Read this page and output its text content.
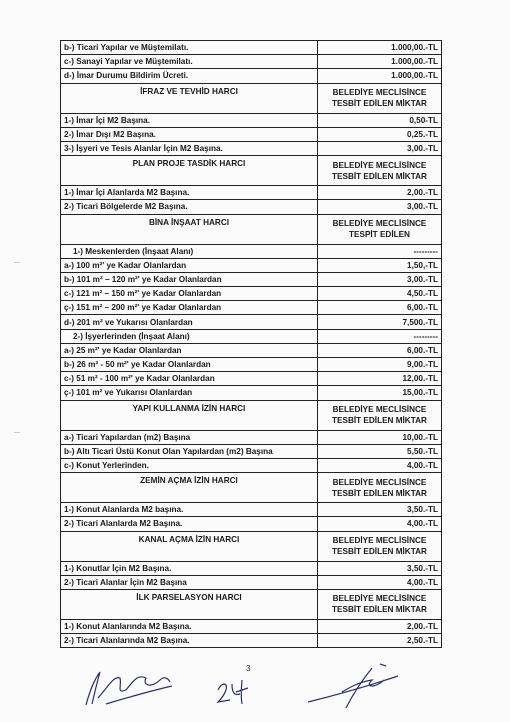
b-) Ticari Yapılar ve Müştemilatı.	1.000,00.-TL
c-) Sanayi Yapılar ve Müştemilatı.	1.000,00.-TL
d-) İmar Durumu Bildirim Ücreti.	1.000,00.-TL
İFRAZ VE TEVHİD HARCI	BELEDİYE MECLİSİNCE TESBİT EDİLEN MİKTAR
1-) İmar İçi M2 Başına.	0,50-TL
2-) İmar Dışı M2 Başına.	0,25.-TL
3-) İşyeri ve Tesis Alanlar İçin M2 Başına.	3,00.-TL
PLAN PROJE TASDİK HARCI	BELEDİYE MECLİSİNCE TESBİT EDİLEN MİKTAR
1-) İmar İçi Alanlarda M2 Başına.	2,00.-TL
2-) Ticari Bölgelerde M2 Başına.	3,00.-TL
BİNA İNŞAAT HARCI	BELEDİYE MECLİSİNCE TESPİT EDİLEN
1-) Meskenlerden (İnşaat Alanı)	---------
a-) 100 m²' ye Kadar Olanlardan	1,50,-TL
b-) 101 m² – 120 m²' ye Kadar Olanlardan	3,00.-TL
c-) 121 m² – 150 m²' ye Kadar Olanlardan	4,50.-TL
ç-) 151 m² – 200 m²' ye Kadar Olanlardan	6,00.-TL
d-) 201 m² ve Yukarısı Olanlardan	7,500.-TL
2-) İşyerlerinden (İnşaat Alanı)	---------
a-) 25 m²' ye Kadar Olanlardan	6,00.-TL
b-) 26 m² - 50 m²' ye Kadar Olanlardan	9,00.-TL
c-) 51 m² - 100 m²' ye Kadar Olanlardan	12,00.-TL
ç-) 101 m² ve Yukarısı Olanlardan	15,00.-TL
YAPI KULLANMA İZİN HARCI	BELEDİYE MECLİSİNCE TESBİT EDİLEN MİKTAR
a-) Ticari Yapılardan (m2) Başına	10,00.-TL
b-) Altı Ticari Üstü Konut Olan Yapılardan (m2) Başına	5,50.-TL
c-) Konut Yerlerinden.	4,00.-TL
ZEMİN AÇMA İZİN HARCI	BELEDİYE MECLİSİNCE TESBİT EDİLEN MİKTAR
1-) Konut Alanlarda M2 başına.	3,50.-TL
2-) Ticari Alanlarda M2 Başına.	4,00.-TL
KANAL AÇMA İZİN HARCI	BELEDİYE MECLİSİNCE TESBİT EDİLEN MİKTAR
1-) Konutlar İçin M2 Başına.	3,50.-TL
2-) Ticari Alanlar İçin M2 Başına	4,00.-TL
İLK PARSELASYON HARCI	BELEDİYE MECLİSİNCE TESBİT EDİLEN MİKTAR
1-) Konut Alanlarında M2 Başına.	2,00.-TL
2-) Ticari Alanlarında M2 Başına.	2,50.-TL
3
